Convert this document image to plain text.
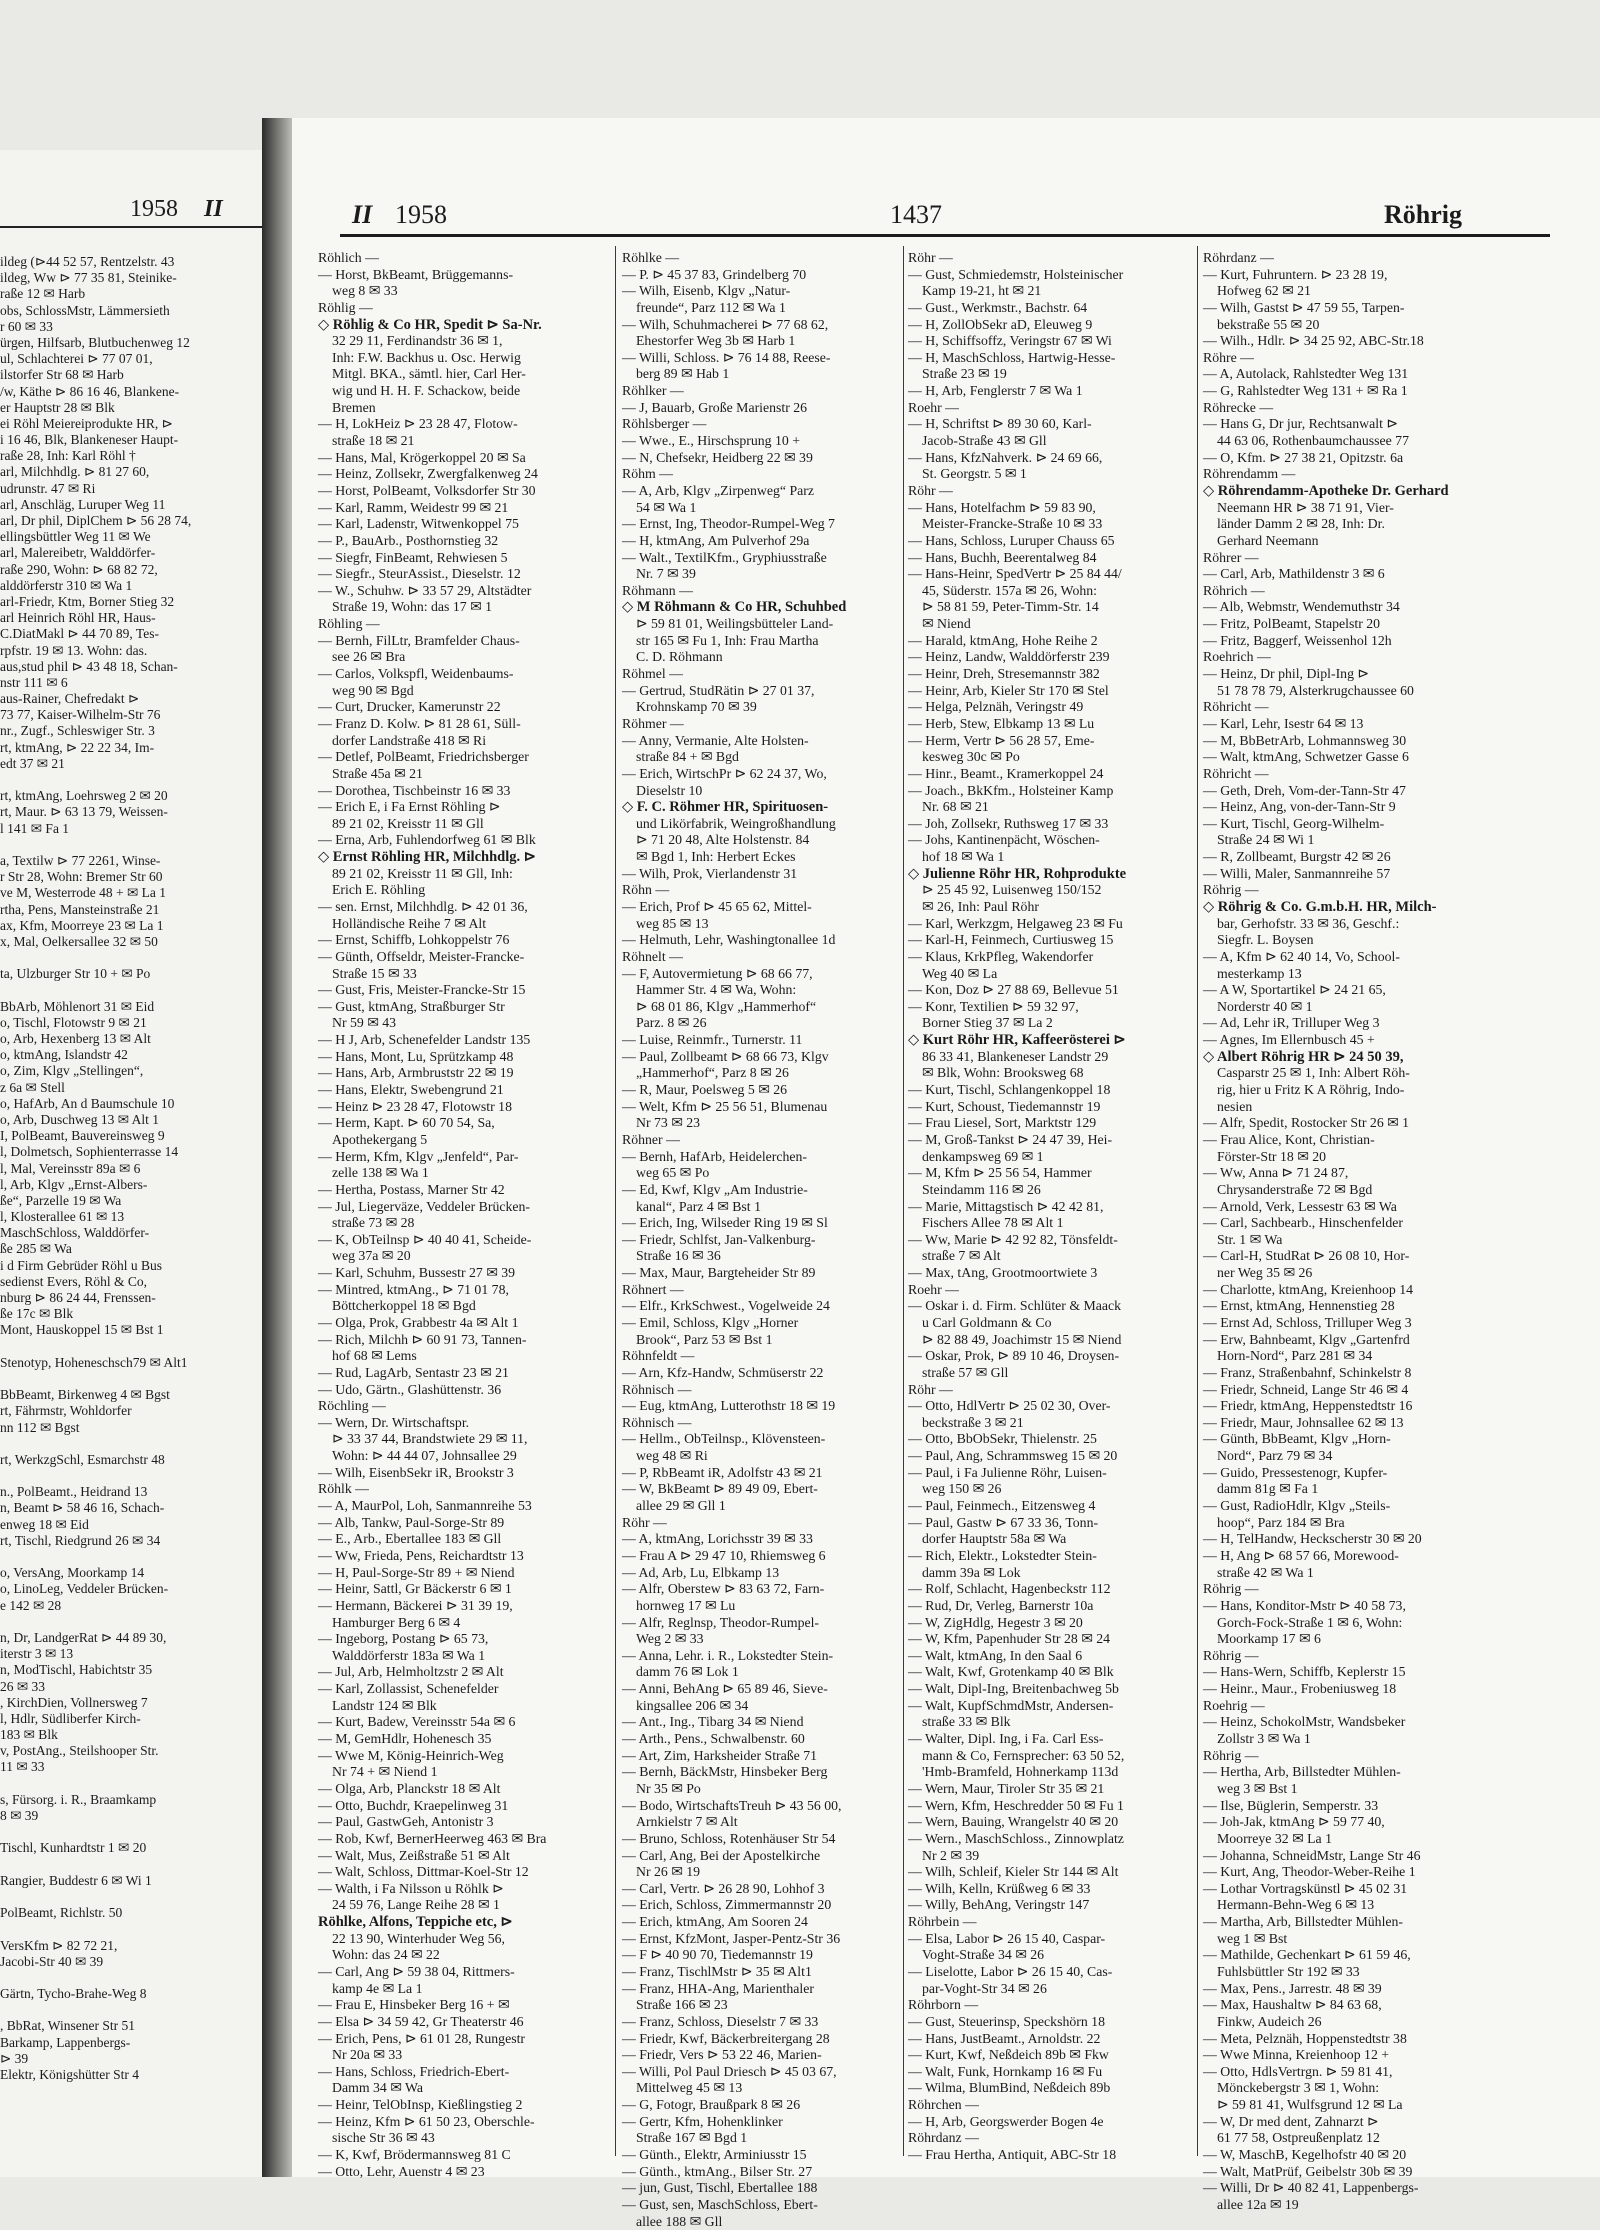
1958 II
ildeg (⊳44 52 57, Rentzelstr. 43
ildeg, Ww ⊳ 77 35 81, Steinike-
raße 12 ✉ Harb
obs, SchlossMstr, Lämmersieth
r 60 ✉ 33
ürgen, Hilfsarb, Blutbuchenweg 12
ul, Schlachterei ⊳ 77 07 01,
ilstorfer Str 68 ✉ Harb
/w, Käthe ⊳ 86 16 46, Blankene-
er Hauptstr 28 ✉ Blk
ei Röhl Meiereiprodukte HR, ⊳
i 16 46, Blk, Blankeneser Haupt-
raße 28, Inh: Karl Röhl †
arl, Milchhdlg. ⊳ 81 27 60,
udrunstr. 47 ✉ Ri
arl, Anschläg, Luruper Weg 11
arl, Dr phil, DiplChem ⊳ 56 28 74,
ellingsbüttler Weg 11 ✉ We
arl, Malereibetr, Walddörfer-
raße 290, Wohn: ⊳ 68 82 72,
alddörferstr 310 ✉ Wa 1
arl-Friedr, Ktm, Borner Stieg 32
arl Heinrich Röhl HR, Haus-
C.DiatMakl ⊳ 44 70 89, Tes-
rpfstr. 19 ✉ 13. Wohn: das.
aus,stud phil ⊳ 43 48 18, Schan-
nstr 111 ✉ 6
aus-Rainer, Chefredakt ⊳
73 77, Kaiser-Wilhelm-Str 76
nr., Zugf., Schleswiger Str. 3
rt, ktmAng, ⊳ 22 22 34, Im-
edt 37 ✉ 21
rt, ktmAng, Loehrsweg 2 ✉ 20
rt, Maur. ⊳ 63 13 79, Weissen-
l 141 ✉ Fa 1
a, Textilw ⊳ 77 2261, Winse-
r Str 28, Wohn: Bremer Str 60
ve M, Westerrode 48 + ✉ La 1
rtha, Pens, Mansteinstraße 21
ax, Kfm, Moorreye 23 ✉ La 1
x, Mal, Oelkersallee 32 ✉ 50
ta, Ulzburger Str 10 + ✉ Po
BbArb, Möhlenort 31 ✉ Eid
o, Tischl, Flotowstr 9 ✉ 21
o, Arb, Hexenberg 13 ✉ Alt
o, ktmAng, Islandstr 42
o, Zim, Klgv „Stellingen“,
z 6a ✉ Stell
o, HafArb, An d Baumschule 10
o, Arb, Duschweg 13 ✉ Alt 1
I, PolBeamt, Bauvereinsweg 9
l, Dolmetsch, Sophienterrasse 14
l, Mal, Vereinsstr 89a ✉ 6
l, Arb, Klgv „Ernst-Albers-
ße“, Parzelle 19 ✉ Wa
l, Klosterallee 61 ✉ 13
MaschSchloss, Walddörfer-
ße 285 ✉ Wa
i d Firm Gebrüder Röhl u Bus
sedienst Evers, Röhl & Co,
nburg ⊳ 86 24 44, Frenssen-
ße 17c ✉ Blk
Mont, Hauskoppel 15 ✉ Bst 1
Stenotyp, Hoheneschsch79 ✉ Alt1
BbBeamt, Birkenweg 4 ✉ Bgst
rt, Fährmstr, Wohldorfer
nn 112 ✉ Bgst
rt, WerkzgSchl, Esmarchstr 48
n., PolBeamt., Heidrand 13
n, Beamt ⊳ 58 46 16, Schach-
enweg 18 ✉ Eid
rt, Tischl, Riedgrund 26 ✉ 34
o, VersAng, Moorkamp 14
o, LinoLeg, Veddeler Brücken-
e 142 ✉ 28
n, Dr, LandgerRat ⊳ 44 89 30,
iterstr 3 ✉ 13
n, ModTischl, Habichtstr 35
26 ✉ 33
, KirchDien, Vollnersweg 7
l, Hdlr, Südliberfer Kirch-
183 ✉ Blk
v, PostAng., Steilshooper Str.
11 ✉ 33
s, Fürsorg. i. R., Braamkamp
8 ✉ 39
Tischl, Kunhardtstr 1 ✉ 20
Rangier, Buddestr 6 ✉ Wi 1
PolBeamt, Richlstr. 50
VersKfm ⊳ 82 72 21,
Jacobi-Str 40 ✉ 39
Gärtn, Tycho-Brahe-Weg 8
, BbRat, Winsener Str 51
Barkamp, Lappenbergs-
⊳ 39
Elektr, Königshütter Str 4
II 1958	1437	Röhrig
Röhlich —
— Horst, BkBeamt, Brüggemanns-
weg 8 ✉ 33
Röhlig —
◇ Röhlig & Co HR, Spedit ⊳ Sa-Nr.
32 29 11, Ferdinandstr 36 ✉ 1,
Inh: F.W. Backhus u. Osc. Herwig
Mitgl. BKA., sämtl. hier, Carl Her-
wig und H. H. F. Schackow, beide
Bremen
— H, LokHeiz ⊳ 23 28 47, Flotow-
straße 18 ✉ 21
— Hans, Mal, Krögerkoppel 20 ✉ Sa
— Heinz, Zollsekr, Zwergfalkenweg 24
— Horst, PolBeamt, Volksdorfer Str 30
— Karl, Ramm, Weidestr 99 ✉ 21
— Karl, Ladenstr, Witwenkoppel 75
— P., BauArb., Posthornstieg 32
— Siegfr, FinBeamt, Rehwiesen 5
— Siegfr., SteurAssist., Dieselstr. 12
— W., Schuhw. ⊳ 33 57 29, Altstädter
Straße 19, Wohn: das 17 ✉ 1
Röhling —
— Bernh, FilLtr, Bramfelder Chaus-
see 26 ✉ Bra
— Carlos, Volkspfl, Weidenbaums-
weg 90 ✉ Bgd
— Curt, Drucker, Kamerunstr 22
— Franz D. Kolw. ⊳ 81 28 61, Süll-
dorfer Landstraße 418 ✉ Ri
— Detlef, PolBeamt, Friedrichsberger
Straße 45a ✉ 21
— Dorothea, Tischbeinstr 16 ✉ 33
— Erich E, i Fa Ernst Röhling ⊳
89 21 02, Kreisstr 11 ✉ Gll
— Erna, Arb, Fuhlendorfweg 61 ✉ Blk
◇ Ernst Röhling HR, Milchhdlg. ⊳
89 21 02, Kreisstr 11 ✉ Gll, Inh:
Erich E. Röhling
— sen. Ernst, Milchhdlg. ⊳ 42 01 36,
Holländische Reihe 7 ✉ Alt
— Ernst, Schiffb, Lohkoppelstr 76
— Günth, Offseldr, Meister-Francke-
Straße 15 ✉ 33
— Gust, Fris, Meister-Francke-Str 15
— Gust, ktmAng, Straßburger Str
Nr 59 ✉ 43
— H J, Arb, Schenefelder Landstr 135
— Hans, Mont, Lu, Sprützkamp 48
— Hans, Arb, Armbruststr 22 ✉ 19
— Hans, Elektr, Swebengrund 21
— Heinz ⊳ 23 28 47, Flotowstr 18
— Herm, Kapt. ⊳ 60 70 54, Sa,
Apothekergang 5
— Herm, Kfm, Klgv „Jenfeld“, Par-
zelle 138 ✉ Wa 1
— Hertha, Postass, Marner Str 42
— Jul, Liegerväze, Veddeler Brücken-
straße 73 ✉ 28
— K, ObTeilnsp ⊳ 40 40 41, Scheide-
weg 37a ✉ 20
— Karl, Schuhm, Bussestr 27 ✉ 39
— Mintred, ktmAng., ⊳ 71 01 78,
Böttcherkoppel 18 ✉ Bgd
— Olga, Prok, Grabbestr 4a ✉ Alt 1
— Rich, Milchh ⊳ 60 91 73, Tannen-
hof 68 ✉ Lems
— Rud, LagArb, Sentastr 23 ✉ 21
— Udo, Gärtn., Glashüttenstr. 36
Röchling —
— Wern, Dr. Wirtschaftspr.
⊳ 33 37 44, Brandstwiete 29 ✉ 11,
Wohn: ⊳ 44 44 07, Johnsallee 29
— Wilh, EisenbSekr iR, Brookstr 3
Röhlk —
— A, MaurPol, Loh, Sanmannreihe 53
— Alb, Tankw, Paul-Sorge-Str 89
— E., Arb., Ebertallee 183 ✉ Gll
— Ww, Frieda, Pens, Reichardtstr 13
— H, Paul-Sorge-Str 89 + ✉ Niend
— Heinr, Sattl, Gr Bäckerstr 6 ✉ 1
— Hermann, Bäckerei ⊳ 31 39 19,
Hamburger Berg 6 ✉ 4
— Ingeborg, Postang ⊳ 65 73,
Walddörferstr 183a ✉ Wa 1
— Jul, Arb, Helmholtzstr 2 ✉ Alt
— Karl, Zollassist, Schenefelder
Landstr 124 ✉ Blk
— Kurt, Badew, Vereinsstr 54a ✉ 6
— M, GemHdlr, Hohenesch 35
— Wwe M, König-Heinrich-Weg
Nr 74 + ✉ Niend 1
— Olga, Arb, Planckstr 18 ✉ Alt
— Otto, Buchdr, Kraepelinweg 31
— Paul, GastwGeh, Antonistr 3
— Rob, Kwf, BernerHeerweg 463 ✉ Bra
— Walt, Mus, Zeißstraße 51 ✉ Alt
— Walt, Schloss, Dittmar-Koel-Str 12
— Walth, i Fa Nilsson u Röhlk ⊳
24 59 76, Lange Reihe 28 ✉ 1
Röhlke, Alfons, Teppiche etc, ⊳
22 13 90, Winterhuder Weg 56,
Wohn: das 24 ✉ 22
— Carl, Ang ⊳ 59 38 04, Rittmers-
kamp 4e ✉ La 1
— Frau E, Hinsbeker Berg 16 + ✉
— Elsa ⊳ 34 59 42, Gr Theaterstr 46
— Erich, Pens, ⊳ 61 01 28, Rungestr
Nr 20a ✉ 33
— Hans, Schloss, Friedrich-Ebert-
Damm 34 ✉ Wa
— Heinr, TelObInsp, Kießlingstieg 2
— Heinz, Kfm ⊳ 61 50 23, Oberschle-
sische Str 36 ✉ 43
— K, Kwf, Brödermannsweg 81 C
— Otto, Lehr, Auenstr 4 ✉ 23
Röhlke —
— P. ⊳ 45 37 83, Grindelberg 70
— Wilh, Eisenb, Klgv „Natur-
freunde“, Parz 112 ✉ Wa 1
— Wilh, Schuhmacherei ⊳ 77 68 62,
Ehestorfer Weg 3b ✉ Harb 1
— Willi, Schloss. ⊳ 76 14 88, Reese-
berg 89 ✉ Hab 1
Röhlker —
— J, Bauarb, Große Marienstr 26
Röhlsberger —
— Wwe., E., Hirschsprung 10 +
— N, Chefsekr, Heidberg 22 ✉ 39
Röhm —
— A, Arb, Klgv „Zirpenweg“ Parz
54 ✉ Wa 1
— Ernst, Ing, Theodor-Rumpel-Weg 7
— H, ktmAng, Am Pulverhof 29a
— Walt., TextilKfm., Gryphiusstraße
Nr. 7 ✉ 39
Röhmann —
◇ M Röhmann & Co HR, Schuhbed
⊳ 59 81 01, Weilingsbütteler Land-
str 165 ✉ Fu 1, Inh: Frau Martha
C. D. Röhmann
Röhmel —
— Gertrud, StudRätin ⊳ 27 01 37,
Krohnskamp 70 ✉ 39
Röhmer —
— Anny, Vermanie, Alte Holsten-
straße 84 + ✉ Bgd
— Erich, WirtschPr ⊳ 62 24 37, Wo,
Dieselstr 10
◇ F. C. Röhmer HR, Spirituosen-
und Likörfabrik, Weingroßhandlung
⊳ 71 20 48, Alte Holstenstr. 84
✉ Bgd 1, Inh: Herbert Eckes
— Wilh, Prok, Vierlandenstr 31
Röhn —
— Erich, Prof ⊳ 45 65 62, Mittel-
weg 85 ✉ 13
— Helmuth, Lehr, Washingtonallee 1d
Röhnelt —
— F, Autovermietung ⊳ 68 66 77,
Hammer Str. 4 ✉ Wa, Wohn:
⊳ 68 01 86, Klgv „Hammerhof“
Parz. 8 ✉ 26
— Luise, Reinmfr., Turnerstr. 11
— Paul, Zollbeamt ⊳ 68 66 73, Klgv
„Hammerhof“, Parz 8 ✉ 26
— R, Maur, Poelsweg 5 ✉ 26
— Welt, Kfm ⊳ 25 56 51, Blumenau
Nr 73 ✉ 23
Röhner —
— Bernh, HafArb, Heidelerchen-
weg 65 ✉ Po
— Ed, Kwf, Klgv „Am Industrie-
kanal“, Parz 4 ✉ Bst 1
— Erich, Ing, Wilseder Ring 19 ✉ Sl
— Friedr, Schlfst, Jan-Valkenburg-
Straße 16 ✉ 36
— Max, Maur, Bargteheider Str 89
Röhnert —
— Elfr., KrkSchwest., Vogelweide 24
— Emil, Schloss, Klgv „Horner
Brook“, Parz 53 ✉ Bst 1
Röhnfeldt —
— Arn, Kfz-Handw, Schmüserstr 22
Röhnisch —
— Eug, ktmAng, Lutterothstr 18 ✉ 19
Röhnisch —
— Hellm., ObTeilnsp., Klövensteen-
weg 48 ✉ Ri
— P, RbBeamt iR, Adolfstr 43 ✉ 21
— W, BkBeamt ⊳ 89 49 09, Ebert-
allee 29 ✉ Gll 1
Röhr —
— A, ktmAng, Lorichsstr 39 ✉ 33
— Frau A ⊳ 29 47 10, Rhiemsweg 6
— Ad, Arb, Lu, Elbkamp 13
— Alfr, Oberstew ⊳ 83 63 72, Farn-
hornweg 17 ✉ Lu
— Alfr, Reglnsp, Theodor-Rumpel-
Weg 2 ✉ 33
— Anna, Lehr. i. R., Lokstedter Stein-
damm 76 ✉ Lok 1
— Anni, BehAng ⊳ 65 89 46, Sieve-
kingsallee 206 ✉ 34
— Ant., Ing., Tibarg 34 ✉ Niend
— Arth., Pens., Schwalbenstr. 60
— Art, Zim, Harksheider Straße 71
— Bernh, BäckMstr, Hinsbeker Berg
Nr 35 ✉ Po
— Bodo, WirtschaftsTreuh ⊳ 43 56 00,
Arnkielstr 7 ✉ Alt
— Bruno, Schloss, Rotenhäuser Str 54
— Carl, Ang, Bei der Apostelkirche
Nr 26 ✉ 19
— Carl, Vertr. ⊳ 26 28 90, Lohhof 3
— Erich, Schloss, Zimmermannstr 20
— Erich, ktmAng, Am Sooren 24
— Ernst, KfzMont, Jasper-Pentz-Str 36
— F ⊳ 40 90 70, Tiedemannstr 19
— Franz, TischlMstr ⊳ 35 ✉ Alt1
— Franz, HHA-Ang, Marienthaler
Straße 166 ✉ 23
— Franz, Schloss, Dieselstr 7 ✉ 33
— Friedr, Kwf, Bäckerbreitergang 28
— Friedr, Vers ⊳ 53 22 46, Marien-
— Willi, Pol Paul Driesch ⊳ 45 03 67,
Mittelweg 45 ✉ 13
— G, Fotogr, Braußpark 8 ✉ 26
— Gertr, Kfm, Hohenklinker
Straße 167 ✉ Bgd 1
— Günth., Elektr, Arminiusstr 15
— Günth., ktmAng., Bilser Str. 27
— jun, Gust, Tischl, Ebertallee 188
— Gust, sen, MaschSchloss, Ebert-
allee 188 ✉ Gll
Röhr —
— Gust, Schmiedemstr, Holsteinischer
Kamp 19-21, ht ✉ 21
— Gust., Werkmstr., Bachstr. 64
— H, ZollObSekr aD, Eleuweg 9
— H, Schiffsoffz, Veringstr 67 ✉ Wi
— H, MaschSchloss, Hartwig-Hesse-
Straße 23 ✉ 19
— H, Arb, Fenglerstr 7 ✉ Wa 1
Roehr —
— H, Schriftst ⊳ 89 30 60, Karl-
Jacob-Straße 43 ✉ Gll
— Hans, KfzNahverk. ⊳ 24 69 66,
St. Georgstr. 5 ✉ 1
Röhr —
— Hans, Hotelfachm ⊳ 59 83 90,
Meister-Francke-Straße 10 ✉ 33
— Hans, Schloss, Luruper Chauss 65
— Hans, Buchh, Beerentalweg 84
— Hans-Heinr, SpedVertr ⊳ 25 84 44/
45, Süderstr. 157a ✉ 26, Wohn:
⊳ 58 81 59, Peter-Timm-Str. 14
✉ Niend
— Harald, ktmAng, Hohe Reihe 2
— Heinz, Landw, Walddörferstr 239
— Heinr, Dreh, Stresemannstr 382
— Heinr, Arb, Kieler Str 170 ✉ Stel
— Helga, Pelznäh, Veringstr 49
— Herb, Stew, Elbkamp 13 ✉ Lu
— Herm, Vertr ⊳ 56 28 57, Eme-
kesweg 30c ✉ Po
— Hinr., Beamt., Kramerkoppel 24
— Joach., BkKfm., Holsteiner Kamp
Nr. 68 ✉ 21
— Joh, Zollsekr, Ruthsweg 17 ✉ 33
— Johs, Kantinenpächt, Wöschen-
hof 18 ✉ Wa 1
◇ Julienne Röhr HR, Rohprodukte
⊳ 25 45 92, Luisenweg 150/152
✉ 26, Inh: Paul Röhr
— Karl, Werkzgm, Helgaweg 23 ✉ Fu
— Karl-H, Feinmech, Curtiusweg 15
— Klaus, KrkPfleg, Wakendorfer
Weg 40 ✉ La
— Kon, Doz ⊳ 27 88 69, Bellevue 51
— Konr, Textilien ⊳ 59 32 97,
Borner Stieg 37 ✉ La 2
◇ Kurt Röhr HR, Kaffeerösterei ⊳
86 33 41, Blankeneser Landstr 29
✉ Blk, Wohn: Brooksweg 68
— Kurt, Tischl, Schlangenkoppel 18
— Kurt, Schoust, Tiedemannstr 19
— Frau Liesel, Sort, Marktstr 129
— M, Groß-Tankst ⊳ 24 47 39, Hei-
denkampsweg 69 ✉ 1
— M, Kfm ⊳ 25 56 54, Hammer
Steindamm 116 ✉ 26
— Marie, Mittagstisch ⊳ 42 42 81,
Fischers Allee 78 ✉ Alt 1
— Ww, Marie ⊳ 42 92 82, Tönsfeldt-
straße 7 ✉ Alt
— Max, tAng, Grootmoortwiete 3
Roehr —
— Oskar i. d. Firm. Schlüter & Maack
u Carl Goldmann & Co
⊳ 82 88 49, Joachimstr 15 ✉ Niend
— Oskar, Prok, ⊳ 89 10 46, Droysen-
straße 57 ✉ Gll
Röhr —
— Otto, HdlVertr ⊳ 25 02 30, Over-
beckstraße 3 ✉ 21
— Otto, BbObSekr, Thielenstr. 25
— Paul, Ang, Schrammsweg 15 ✉ 20
— Paul, i Fa Julienne Röhr, Luisen-
weg 150 ✉ 26
— Paul, Feinmech., Eitzensweg 4
— Paul, Gastw ⊳ 67 33 36, Tonn-
dorfer Hauptstr 58a ✉ Wa
— Rich, Elektr., Lokstedter Stein-
damm 39a ✉ Lok
— Rolf, Schlacht, Hagenbeckstr 112
— Rud, Dr, Verleg, Barnerstr 10a
— W, ZigHdlg, Hegestr 3 ✉ 20
— W, Kfm, Papenhuder Str 28 ✉ 24
— Walt, ktmAng, In den Saal 6
— Walt, Kwf, Grotenkamp 40 ✉ Blk
— Walt, Dipl-Ing, Breitenbachweg 5b
— Walt, KupfSchmdMstr, Andersen-
straße 33 ✉ Blk
— Walter, Dipl. Ing, i Fa. Carl Ess-
mann & Co, Fernsprecher: 63 50 52,
'Hmb-Bramfeld, Hohnerkamp 113d
— Wern, Maur, Tiroler Str 35 ✉ 21
— Wern, Kfm, Heschredder 50 ✉ Fu 1
— Wern, Bauing, Wrangelstr 40 ✉ 20
— Wern., MaschSchloss., Zinnowplatz
Nr 2 ✉ 39
— Wilh, Schleif, Kieler Str 144 ✉ Alt
— Wilh, Kelln, Krüßweg 6 ✉ 33
— Willy, BehAng, Veringstr 147
Röhrbein —
— Elsa, Labor ⊳ 26 15 40, Caspar-
Voght-Straße 34 ✉ 26
— Liselotte, Labor ⊳ 26 15 40, Cas-
par-Voght-Str 34 ✉ 26
Röhrborn —
— Gust, Steuerinsp, Speckshörn 18
— Hans, JustBeamt., Arnoldstr. 22
— Kurt, Kwf, Neßdeich 89b ✉ Fkw
— Walt, Funk, Hornkamp 16 ✉ Fu
— Wilma, BlumBind, Neßdeich 89b
Röhrchen —
— H, Arb, Georgswerder Bogen 4e
Röhrdanz —
— Frau Hertha, Antiquit, ABC-Str 18
Röhrdanz —
— Kurt, Fuhruntern. ⊳ 23 28 19,
Hofweg 62 ✉ 21
— Wilh, Gastst ⊳ 47 59 55, Tarpen-
bekstraße 55 ✉ 20
— Wilh., Hdlr. ⊳ 34 25 92, ABC-Str.18
Röhre —
— A, Autolack, Rahlstedter Weg 131
— G, Rahlstedter Weg 131 + ✉ Ra 1
Röhrecke —
— Hans G, Dr jur, Rechtsanwalt ⊳
44 63 06, Rothenbaumchaussee 77
— O, Kfm. ⊳ 27 38 21, Opitzstr. 6a
Röhrendamm —
◇ Röhrendamm-Apotheke Dr. Gerhard
Neemann HR ⊳ 38 71 91, Vier-
länder Damm 2 ✉ 28, Inh: Dr.
Gerhard Neemann
Röhrer —
— Carl, Arb, Mathildenstr 3 ✉ 6
Röhrich —
— Alb, Webmstr, Wendemuthstr 34
— Fritz, PolBeamt, Stapelstr 20
— Fritz, Baggerf, Weissenhol 12h
Roehrich —
— Heinz, Dr phil, Dipl-Ing ⊳
51 78 78 79, Alsterkrugchaussee 60
Röhricht —
— Karl, Lehr, Isestr 64 ✉ 13
— M, BbBetrArb, Lohmannsweg 30
— Walt, ktmAng, Schwetzer Gasse 6
Röhricht —
— Geth, Dreh, Vom-der-Tann-Str 47
— Heinz, Ang, von-der-Tann-Str 9
— Kurt, Tischl, Georg-Wilhelm-
Straße 24 ✉ Wi 1
— R, Zollbeamt, Burgstr 42 ✉ 26
— Willi, Maler, Sanmannreihe 57
Röhrig —
◇ Röhrig & Co. G.m.b.H. HR, Milch-
bar, Gerhofstr. 33 ✉ 36, Geschf.:
Siegfr. L. Boysen
— A, Kfm ⊳ 62 40 14, Vo, School-
mesterkamp 13
— A W, Sportartikel ⊳ 24 21 65,
Norderstr 40 ✉ 1
— Ad, Lehr iR, Trilluper Weg 3
— Agnes, Im Ellernbusch 45 +
◇ Albert Röhrig HR ⊳ 24 50 39,
Casparstr 25 ✉ 1, Inh: Albert Röh-
rig, hier u Fritz K A Röhrig, Indo-
nesien
— Alfr, Spedit, Rostocker Str 26 ✉ 1
— Frau Alice, Kont, Christian-
Förster-Str 18 ✉ 20
— Ww, Anna ⊳ 71 24 87,
Chrysanderstraße 72 ✉ Bgd
— Arnold, Verk, Lessestr 63 ✉ Wa
— Carl, Sachbearb., Hinschenfelder
Str. 1 ✉ Wa
— Carl-H, StudRat ⊳ 26 08 10, Hor-
ner Weg 35 ✉ 26
— Charlotte, ktmAng, Kreienhoop 14
— Ernst, ktmAng, Hennenstieg 28
— Ernst Ad, Schloss, Trilluper Weg 3
— Erw, Bahnbeamt, Klgv „Gartenfrd
Horn-Nord“, Parz 281 ✉ 34
— Franz, Straßenbahnf, Schinkelstr 8
— Friedr, Schneid, Lange Str 46 ✉ 4
— Friedr, ktmAng, Heppenstedtstr 16
— Friedr, Maur, Johnsallee 62 ✉ 13
— Günth, BbBeamt, Klgv „Horn-
Nord“, Parz 79 ✉ 34
— Guido, Pressestenogr, Kupfer-
damm 81g ✉ Fa 1
— Gust, RadioHdlr, Klgv „Steils-
hoop“, Parz 184 ✉ Bra
— H, TelHandw, Heckscherstr 30 ✉ 20
— H, Ang ⊳ 68 57 66, Morewood-
straße 42 ✉ Wa 1
Röhrig —
— Hans, Konditor-Mstr ⊳ 40 58 73,
Gorch-Fock-Straße 1 ✉ 6, Wohn:
Moorkamp 17 ✉ 6
Röhrig —
— Hans-Wern, Schiffb, Keplerstr 15
— Heinr., Maur., Frobeniusweg 18
Roehrig —
— Heinz, SchokolMstr, Wandsbeker
Zollstr 3 ✉ Wa 1
Röhrig —
— Hertha, Arb, Billstedter Mühlen-
weg 3 ✉ Bst 1
— Ilse, Büglerin, Semperstr. 33
— Joh-Jak, ktmAng ⊳ 59 77 40,
Moorreye 32 ✉ La 1
— Johanna, SchneidMstr, Lange Str 46
— Kurt, Ang, Theodor-Weber-Reihe 1
— Lothar Vortragskünstl ⊳ 45 02 31
Hermann-Behn-Weg 6 ✉ 13
— Martha, Arb, Billstedter Mühlen-
weg 1 ✉ Bst
— Mathilde, Gechenkart ⊳ 61 59 46,
Fuhlsbüttler Str 192 ✉ 33
— Max, Pens., Jarrestr. 48 ✉ 39
— Max, Haushaltw ⊳ 84 63 68,
Finkw, Audeich 26
— Meta, Pelznäh, Hoppenstedtstr 38
— Wwe Minna, Kreienhoop 12 +
— Otto, HdlsVertrgn. ⊳ 59 81 41,
Mönckebergstr 3 ✉ 1, Wohn:
⊳ 59 81 41, Wulfsgrund 12 ✉ La
— W, Dr med dent, Zahnarzt ⊳
61 77 58, Ostpreußenplatz 12
— W, MaschB, Kegelhofstr 40 ✉ 20
— Walt, MatPrüf, Geibelstr 30b ✉ 39
— Willi, Dr ⊳ 40 82 41, Lappenbergs-
allee 12a ✉ 19
